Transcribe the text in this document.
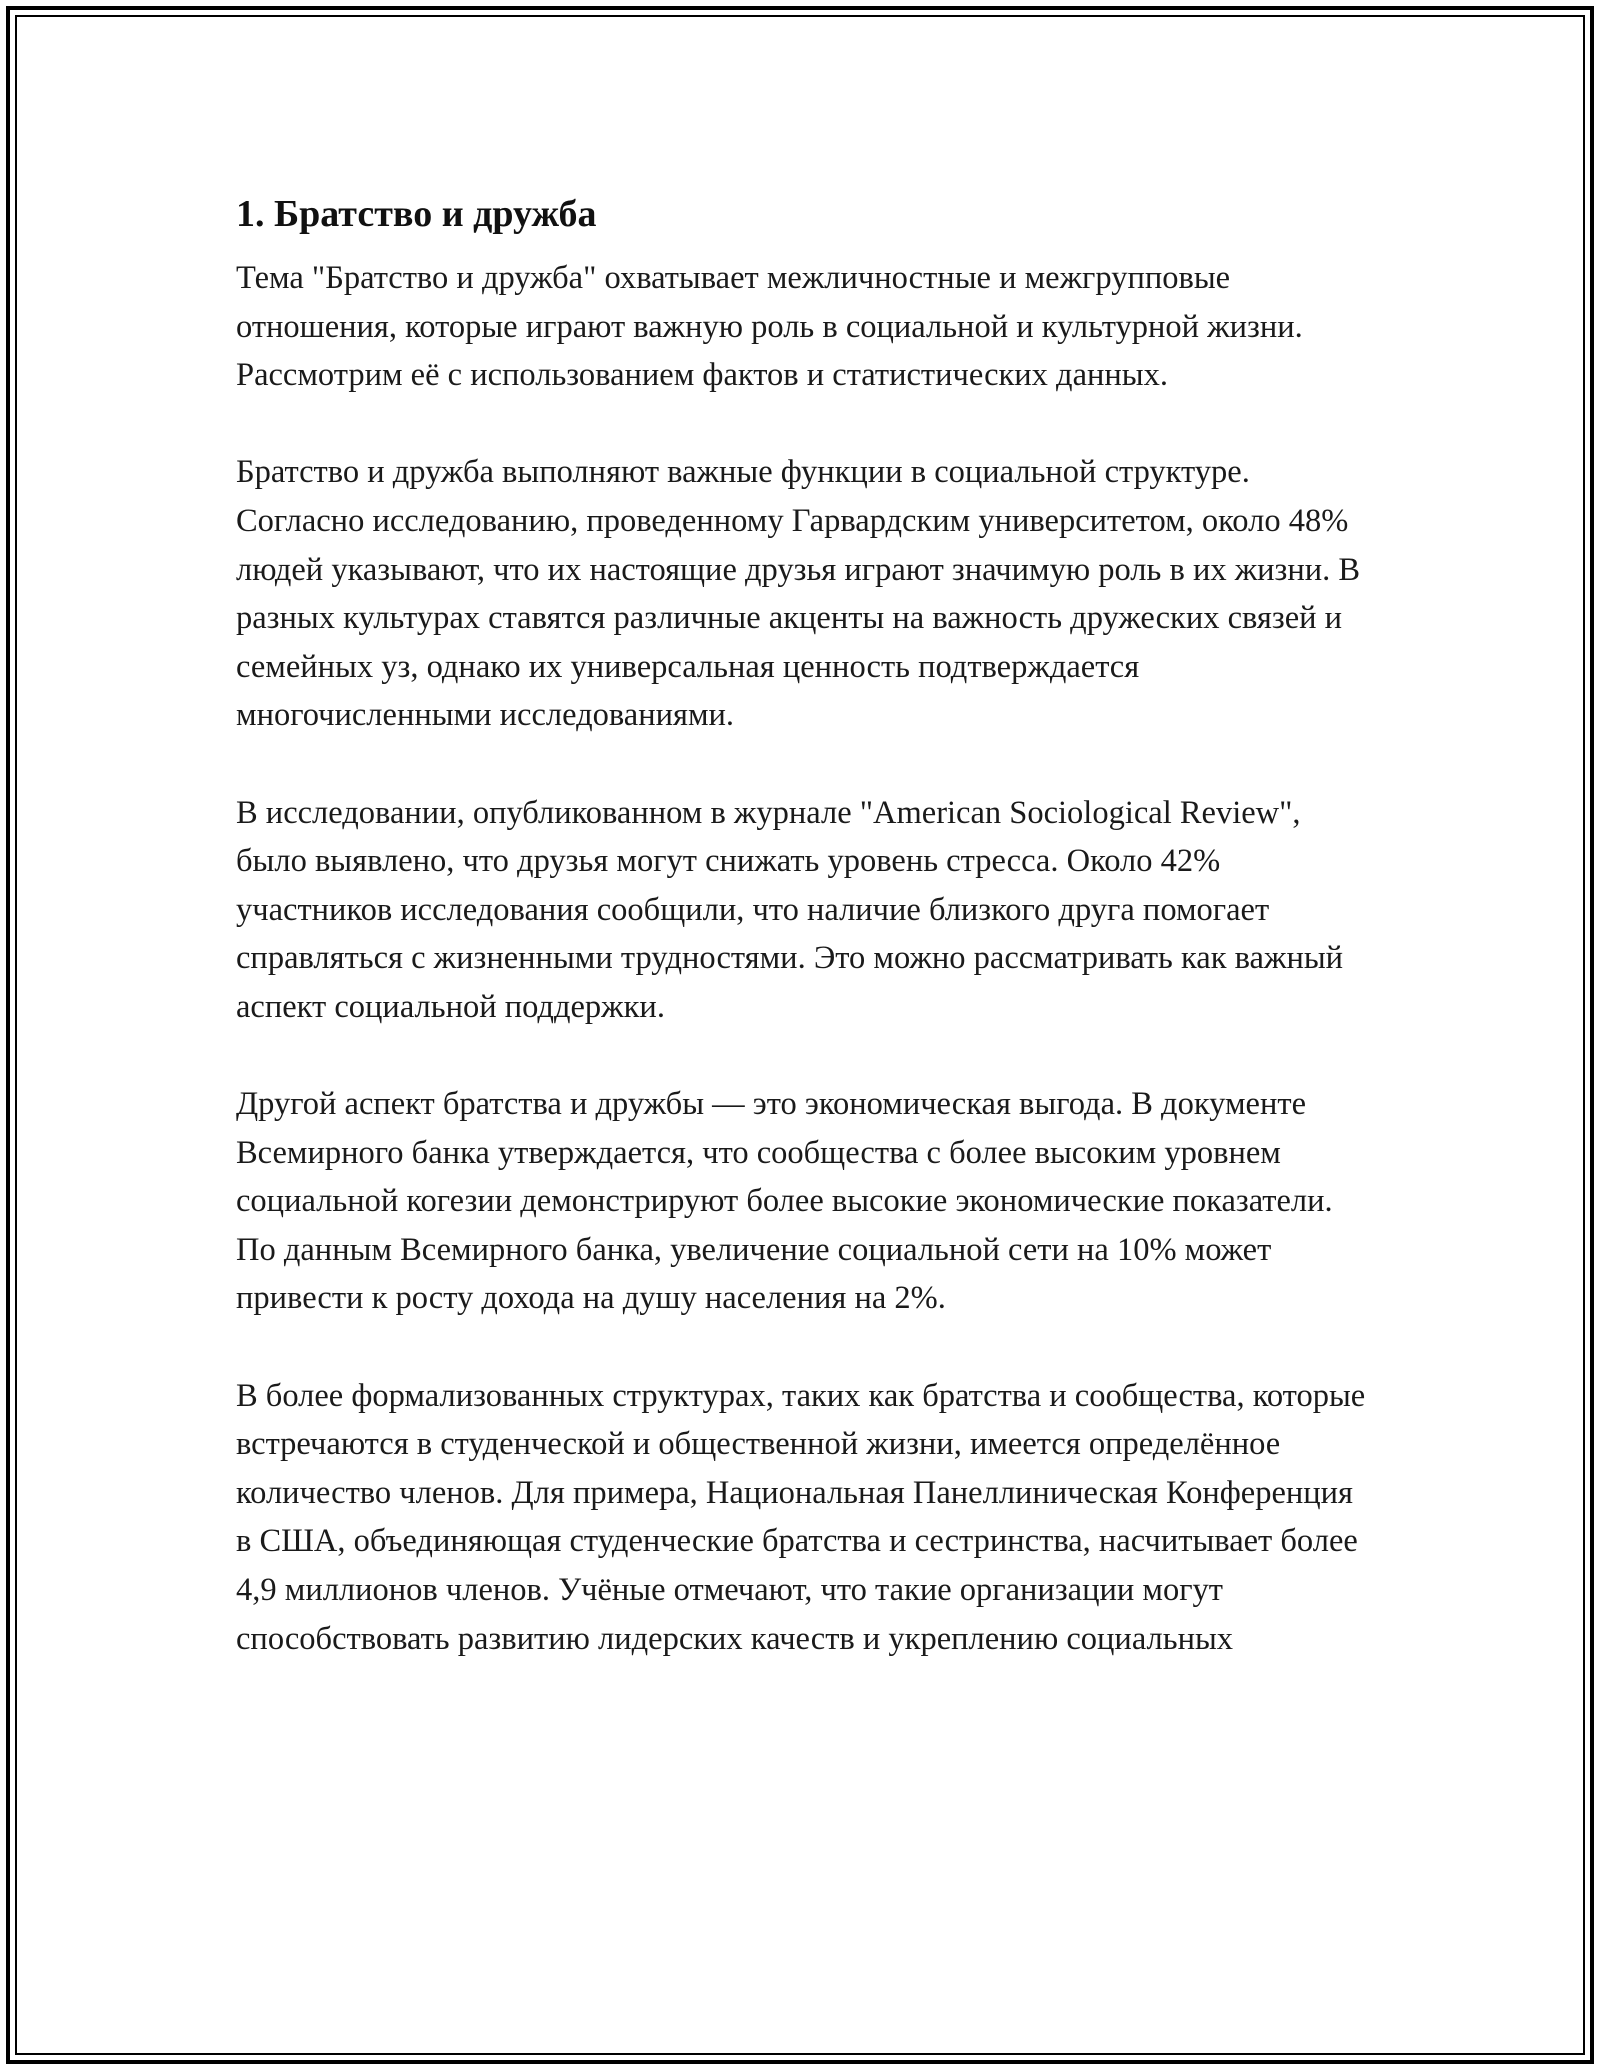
1. Братство и дружба

Тема "Братство и дружба" охватывает межличностные и межгрупповые отношения, которые играют важную роль в социальной и культурной жизни. Рассмотрим её с использованием фактов и статистических данных.

Братство и дружба выполняют важные функции в социальной структуре. Согласно исследованию, проведенному Гарвардским университетом, около 48% людей указывают, что их настоящие друзья играют значимую роль в их жизни. В разных культурах ставятся различные акценты на важность дружеских связей и семейных уз, однако их универсальная ценность подтверждается многочисленными исследованиями.

В исследовании, опубликованном в журнале "American Sociological Review", было выявлено, что друзья могут снижать уровень стресса. Около 42% участников исследования сообщили, что наличие близкого друга помогает справляться с жизненными трудностями. Это можно рассматривать как важный аспект социальной поддержки.

Другой аспект братства и дружбы — это экономическая выгода. В документе Всемирного банка утверждается, что сообщества с более высоким уровнем социальной когезии демонстрируют более высокие экономические показатели. По данным Всемирного банка, увеличение социальной сети на 10% может привести к росту дохода на душу населения на 2%.

В более формализованных структурах, таких как братства и сообщества, которые встречаются в студенческой и общественной жизни, имеется определённое количество членов. Для примера, Национальная Панеллиническая Конференция в США, объединяющая студенческие братства и сестринства, насчитывает более 4,9 миллионов членов. Учёные отмечают, что такие организации могут способствовать развитию лидерских качеств и укреплению социальных
